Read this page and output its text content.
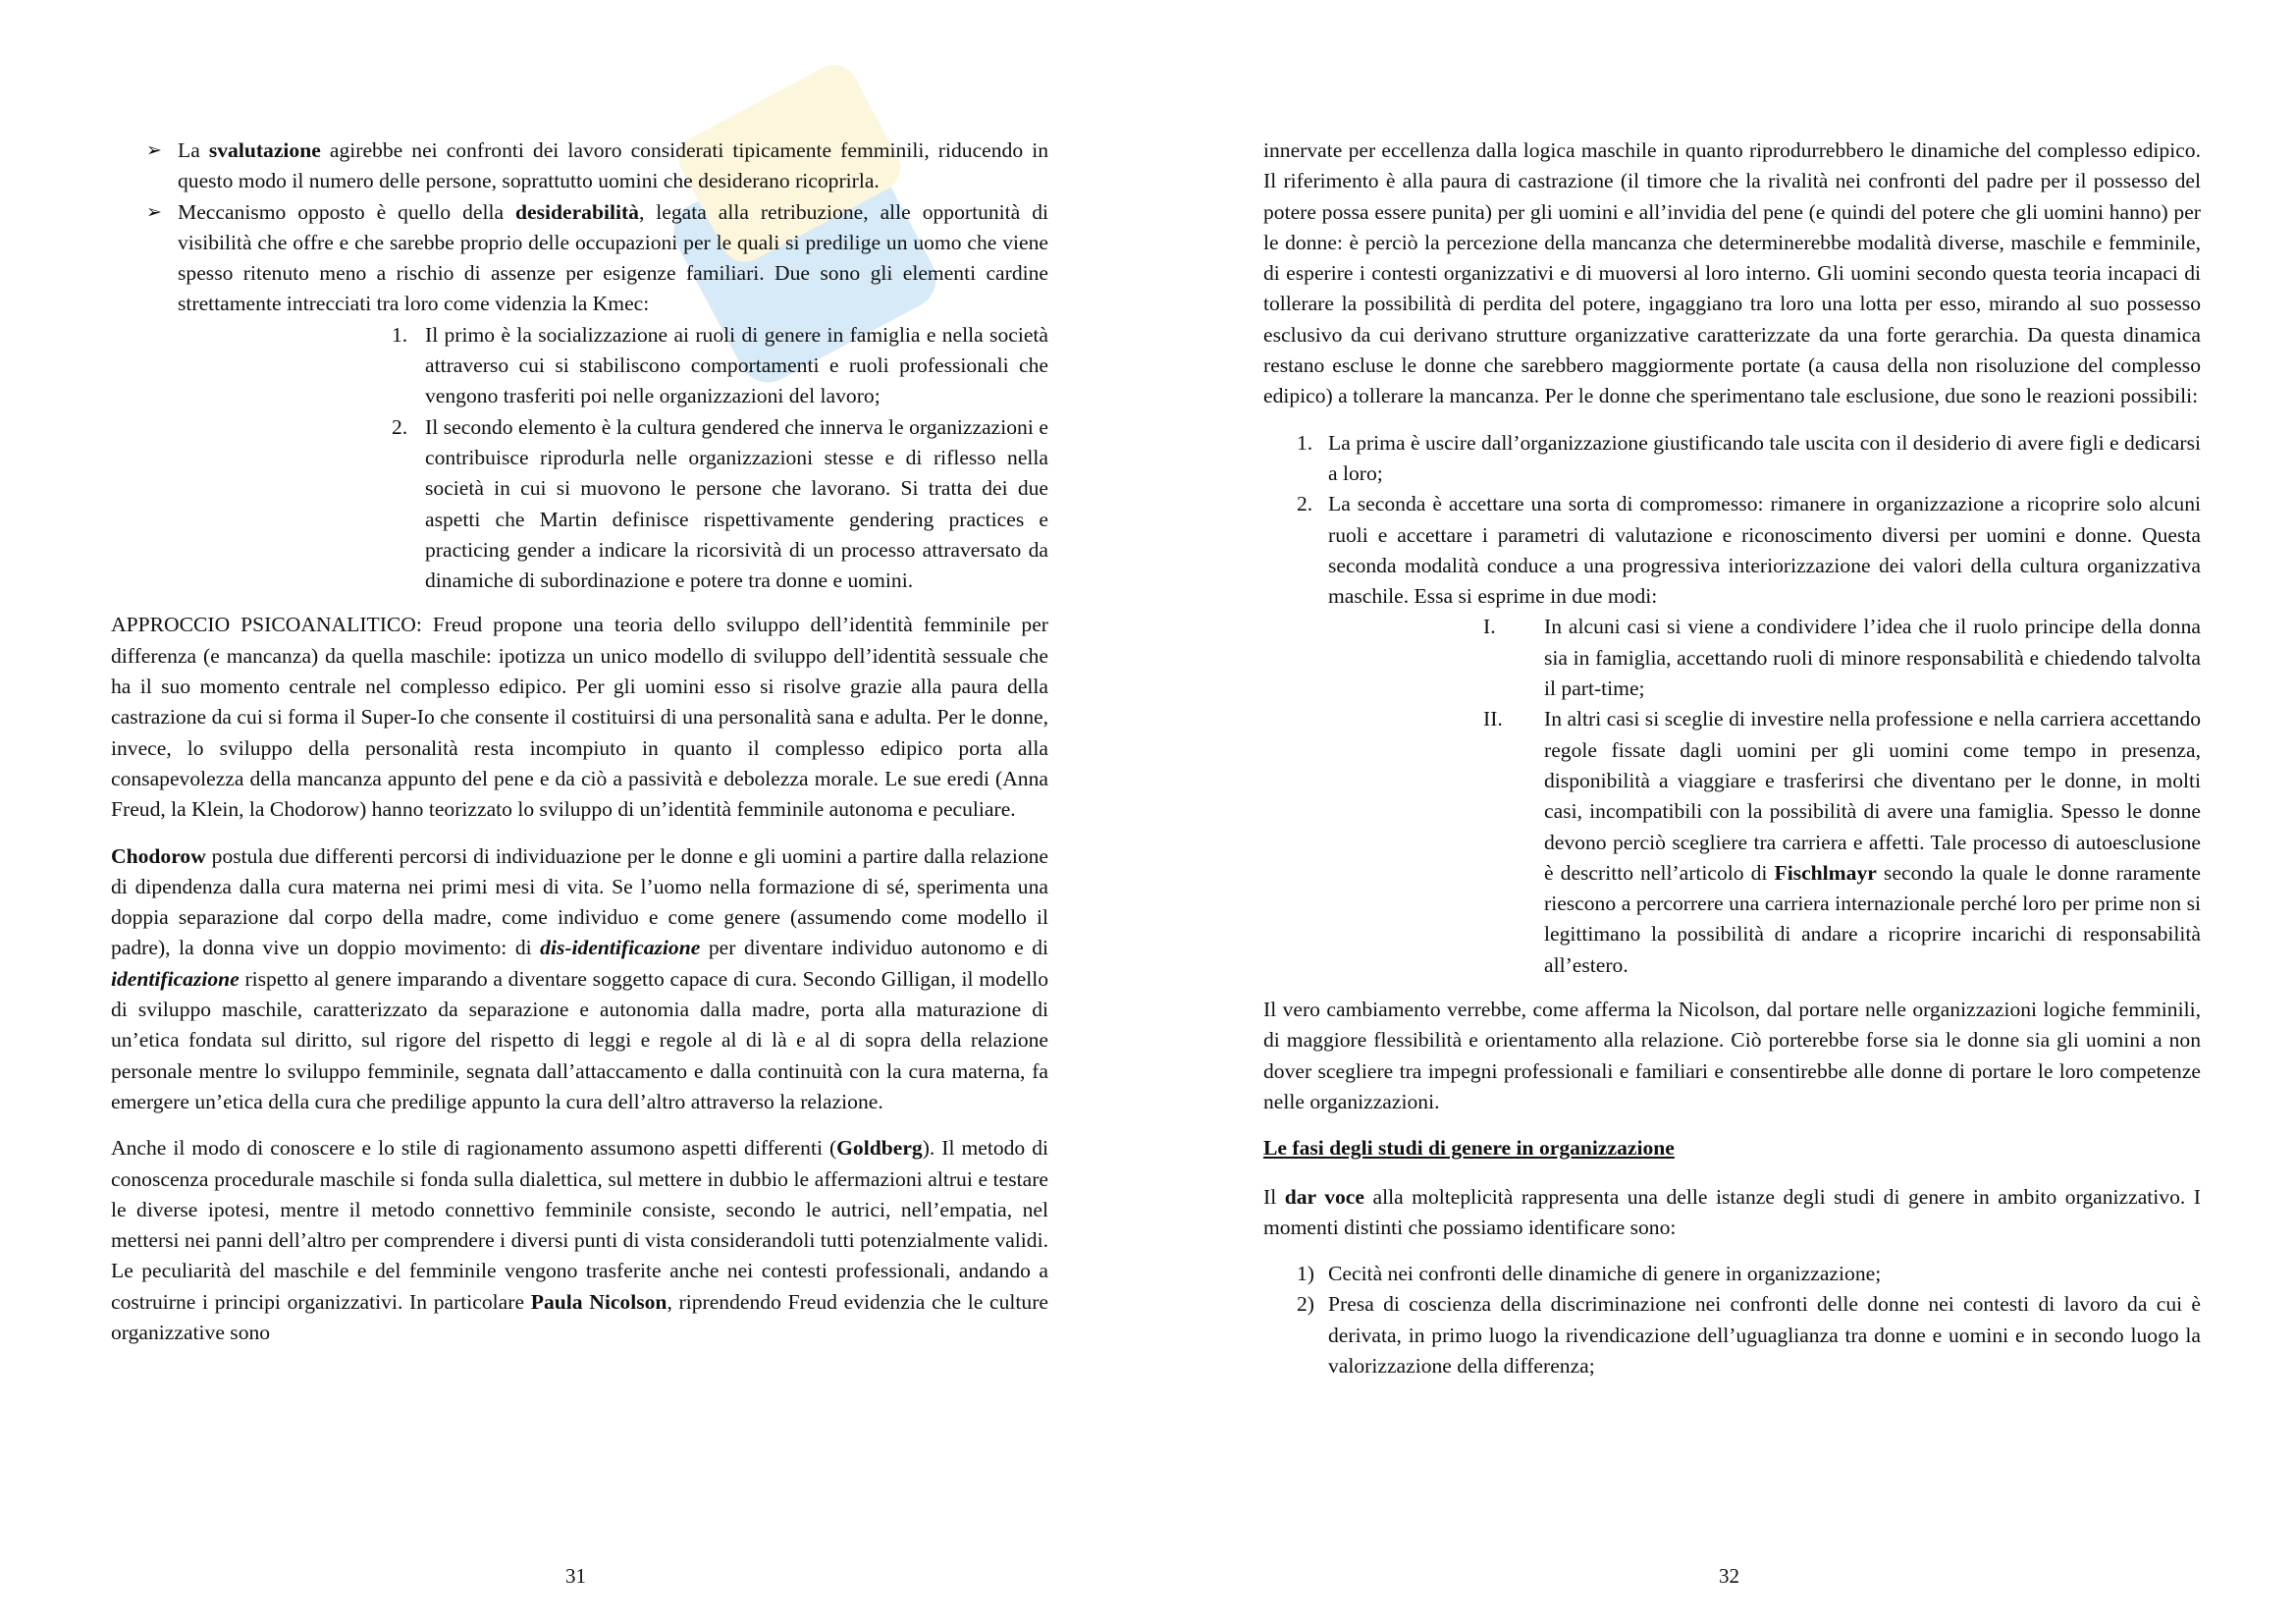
➢ La svalutazione agirebbe nei confronti dei lavoro considerati tipicamente femminili, riducendo in questo modo il numero delle persone, soprattutto uomini che desiderano ricoprirla.
➢ Meccanismo opposto è quello della desiderabilità, legata alla retribuzione, alle opportunità di visibilità che offre e che sarebbe proprio delle occupazioni per le quali si predilige un uomo che viene spesso ritenuto meno a rischio di assenze per esigenze familiari. Due sono gli elementi cardine strettamente intrecciati tra loro come videnzia la Kmec:
1. Il primo è la socializzazione ai ruoli di genere in famiglia e nella società attraverso cui si stabiliscono comportamenti e ruoli professionali che vengono trasferiti poi nelle organizzazioni del lavoro;
2. Il secondo elemento è la cultura gendered che innerva le organizzazioni e contribuisce riprodurla nelle organizzazioni stesse e di riflesso nella società in cui si muovono le persone che lavorano. Si tratta dei due aspetti che Martin definisce rispettivamente gendering practices e practicing gender a indicare la ricorsività di un processo attraversato da dinamiche di subordinazione e potere tra donne e uomini.

APPROCCIO PSICOANALITICO: Freud propone una teoria dello sviluppo dell’identità femminile per differenza (e mancanza) da quella maschile: ipotizza un unico modello di sviluppo dell’identità sessuale che ha il suo momento centrale nel complesso edipico. Per gli uomini esso si risolve grazie alla paura della castrazione da cui si forma il Super-Io che consente il costituirsi di una personalità sana e adulta. Per le donne, invece, lo sviluppo della personalità resta incompiuto in quanto il complesso edipico porta alla consapevolezza della mancanza appunto del pene e da ciò a passività e debolezza morale. Le sue eredi (Anna Freud, la Klein, la Chodorow) hanno teorizzato lo sviluppo di un’identità femminile autonoma e peculiare.

Chodorow postula due differenti percorsi di individuazione per le donne e gli uomini a partire dalla relazione di dipendenza dalla cura materna nei primi mesi di vita. Se l’uomo nella formazione di sé, sperimenta una doppia separazione dal corpo della madre, come individuo e come genere (assumendo come modello il padre), la donna vive un doppio movimento: di dis-identificazione per diventare individuo autonomo e di identificazione rispetto al genere imparando a diventare soggetto capace di cura. Secondo Gilligan, il modello di sviluppo maschile, caratterizzato da separazione e autonomia dalla madre, porta alla maturazione di un’etica fondata sul diritto, sul rigore del rispetto di leggi e regole al di là e al di sopra della relazione personale mentre lo sviluppo femminile, segnata dall’attaccamento e dalla continuità con la cura materna, fa emergere un’etica della cura che predilige appunto la cura dell’altro attraverso la relazione.

Anche il modo di conoscere e lo stile di ragionamento assumono aspetti differenti (Goldberg). Il metodo di conoscenza procedurale maschile si fonda sulla dialettica, sul mettere in dubbio le affermazioni altrui e testare le diverse ipotesi, mentre il metodo connettivo femminile consiste, secondo le autrici, nell’empatia, nel mettersi nei panni dell’altro per comprendere i diversi punti di vista considerandoli tutti potenzialmente validi. Le peculiarità del maschile e del femminile vengono trasferite anche nei contesti professionali, andando a costruirne i principi organizzativi. In particolare Paula Nicolson, riprendendo Freud evidenzia che le culture organizzative sono

31

innervate per eccellenza dalla logica maschile in quanto riprodurrebbero le dinamiche del complesso edipico. Il riferimento è alla paura di castrazione (il timore che la rivalità nei confronti del padre per il possesso del potere possa essere punita) per gli uomini e all’invidia del pene (e quindi del potere che gli uomini hanno) per le donne: è perciò la percezione della mancanza che determinerebbe modalità diverse, maschile e femminile, di esperire i contesti organizzativi e di muoversi al loro interno. Gli uomini secondo questa teoria incapaci di tollerare la possibilità di perdita del potere, ingaggiano tra loro una lotta per esso, mirando al suo possesso esclusivo da cui derivano strutture organizzative caratterizzate da una forte gerarchia. Da questa dinamica restano escluse le donne che sarebbero maggiormente portate (a causa della non risoluzione del complesso edipico) a tollerare la mancanza. Per le donne che sperimentano tale esclusione, due sono le reazioni possibili:

1. La prima è uscire dall’organizzazione giustificando tale uscita con il desiderio di avere figli e dedicarsi a loro;
2. La seconda è accettare una sorta di compromesso: rimanere in organizzazione a ricoprire solo alcuni ruoli e accettare i parametri di valutazione e riconoscimento diversi per uomini e donne. Questa seconda modalità conduce a una progressiva interiorizzazione dei valori della cultura organizzativa maschile. Essa si esprime in due modi:
I. In alcuni casi si viene a condividere l’idea che il ruolo principe della donna sia in famiglia, accettando ruoli di minore responsabilità e chiedendo talvolta il part-time;
II. In altri casi si sceglie di investire nella professione e nella carriera accettando regole fissate dagli uomini per gli uomini come tempo in presenza, disponibilità a viaggiare e trasferirsi che diventano per le donne, in molti casi, incompatibili con la possibilità di avere una famiglia. Spesso le donne devono perciò scegliere tra carriera e affetti. Tale processo di autoesclusione è descritto nell’articolo di Fischlmayr secondo la quale le donne raramente riescono a percorrere una carriera internazionale perché loro per prime non si legittimano la possibilità di andare a ricoprire incarichi di responsabilità all’estero.

Il vero cambiamento verrebbe, come afferma la Nicolson, dal portare nelle organizzazioni logiche femminili, di maggiore flessibilità e orientamento alla relazione. Ciò porterebbe forse sia le donne sia gli uomini a non dover scegliere tra impegni professionali e familiari e consentirebbe alle donne di portare le loro competenze nelle organizzazioni.

Le fasi degli studi di genere in organizzazione

Il dar voce alla molteplicità rappresenta una delle istanze degli studi di genere in ambito organizzativo. I momenti distinti che possiamo identificare sono:

1) Cecità nei confronti delle dinamiche di genere in organizzazione;
2) Presa di coscienza della discriminazione nei confronti delle donne nei contesti di lavoro da cui è derivata, in primo luogo la rivendicazione dell’uguaglianza tra donne e uomini e in secondo luogo la valorizzazione della differenza;
32
